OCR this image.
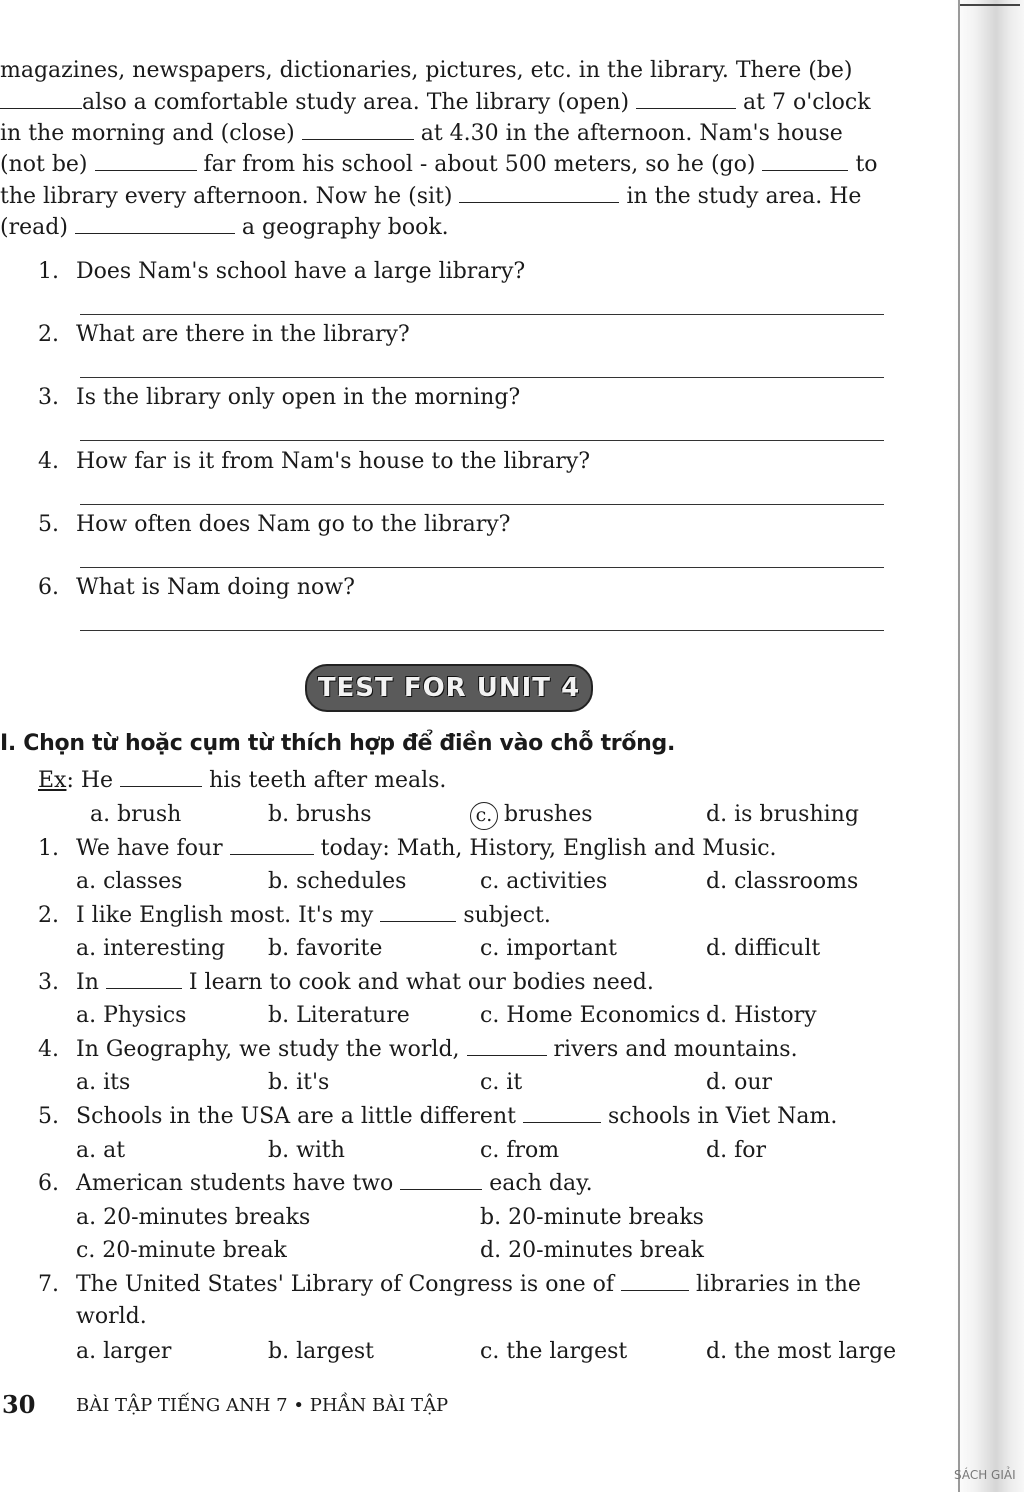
magazines, newspapers, dictionaries, pictures, etc. in the library. There (be)
also a comfortable study area. The library (open)	at 7 o'clock
in the morning and (close)	at 4.30 in the afternoon. Nam's house
(not be)	far from his school - about 500 meters, so he (go)	to
the library every afternoon. Now he (sit)	in the study area. He
(read)	a geography book.
1. Does Nam's school have a large library?
2. What are there in the library?
3. Is the library only open in the morning?
4. How far is it from Nam's house to the library?
5. How often does Nam go to the library?
6. What is Nam doing now?
TEST FOR UNIT 4
I. Chọn từ hoặc cụm từ thích hợp để điền vào chỗ trống.
Ex: He	his teeth after meals.
a. brush	b. brushs	c. brushes	d. is brushing
1. We have four	today: Math, History, English and Music.
a. classes	b. schedules	c. activities	d. classrooms
2. I like English most. It's my	subject.
a. interesting b. favorite	c. important	d. difficult
3. In	I learn to cook and what our bodies need.
a. Physics	b. Literature	c. Home Economics d. History
4. In Geography, we study the world,	rivers and mountains.
a. its	b. it's	c. it	d. our
5. Schools in the USA are a little different	schools in Viet Nam.
a. at	b. with	c. from	d. for
6. American students have two	each day.
a. 20-minutes breaks	b. 20-minute breaks
c. 20-minute break	d. 20-minutes break
7. The United States' Library of Congress is one of	libraries in the
world.
a. larger	b. largest	c. the largest	d. the most large
30 BÀI TẬP TIẾNG ANH 7 • PHẦN BÀI TẬP
SÁCH GIẢI
